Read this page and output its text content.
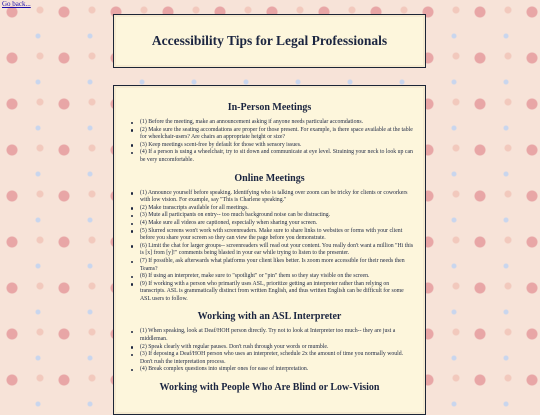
Go back...
Accessibility Tips for Legal Professionals
In-Person Meetings
(1) Before the meeting, make an announcement asking if anyone needs particular accomdations.
(2) Make sure the seating accomdations are proper for those present. For example, is there space available at the table for wheelchair-users? Are chairs an appropriate height or size?
(3) Keep meetings scent-free by default for those with sensory issues.
(4) If a person is using a wheelchair, try to sit down and communicate at eye level. Straining your neck to look up can be very uncomfortable.
Online Meetings
(1) Announce yourself before speaking. Identifying who is talking over zoom can be tricky for clients or coworkers with low vision. For example, say "This is Charlene speaking."
(2) Make transcripts available for all meetings.
(3) Mute all participants on entry-- too much background noise can be distracting.
(4) Make sure all videos are captioned, especially when sharing your screen.
(5) Slurred screens won't work with screenreaders. Make sure to share links to websites or forms with your client before you share your screen so they can view the page before you demonstrate.
(6) Limit the chat for larger groups-- screenreaders will read out your content. You really don't want a million "Hi this is [x] from [y]!" comments being blasted in your ear while trying to listen to the presenter.
(7) If possible, ask afterwards what platforms your client likes better. Is zoom more accessible for their needs then Teams?
(8) If using an interpreter, make sure to "spotlight" or "pin" them so they stay visible on the screen.
(9) If working with a person who primarily uses ASL, prioritize getting an interpreter rather than relying on transcripts. ASL is grammatically distinct from written English, and thus written English can be difficult for some ASL users to follow.
Working with an ASL Interpreter
(1) When speaking, look at Deaf/HOH person directly. Try not to look at Interpreter too much-- they are just a middleman.
(2) Speak clearly with regular pauses. Don't rush through your words or mumble.
(3) If deposing a Deaf/HOH person who uses an interpreter, schedule 2x the amount of time you normally would. Don't rush the interpretation process.
(4) Break complex questions into simpler ones for ease of interpretation.
Working with People Who Are Blind or Low-Vision
